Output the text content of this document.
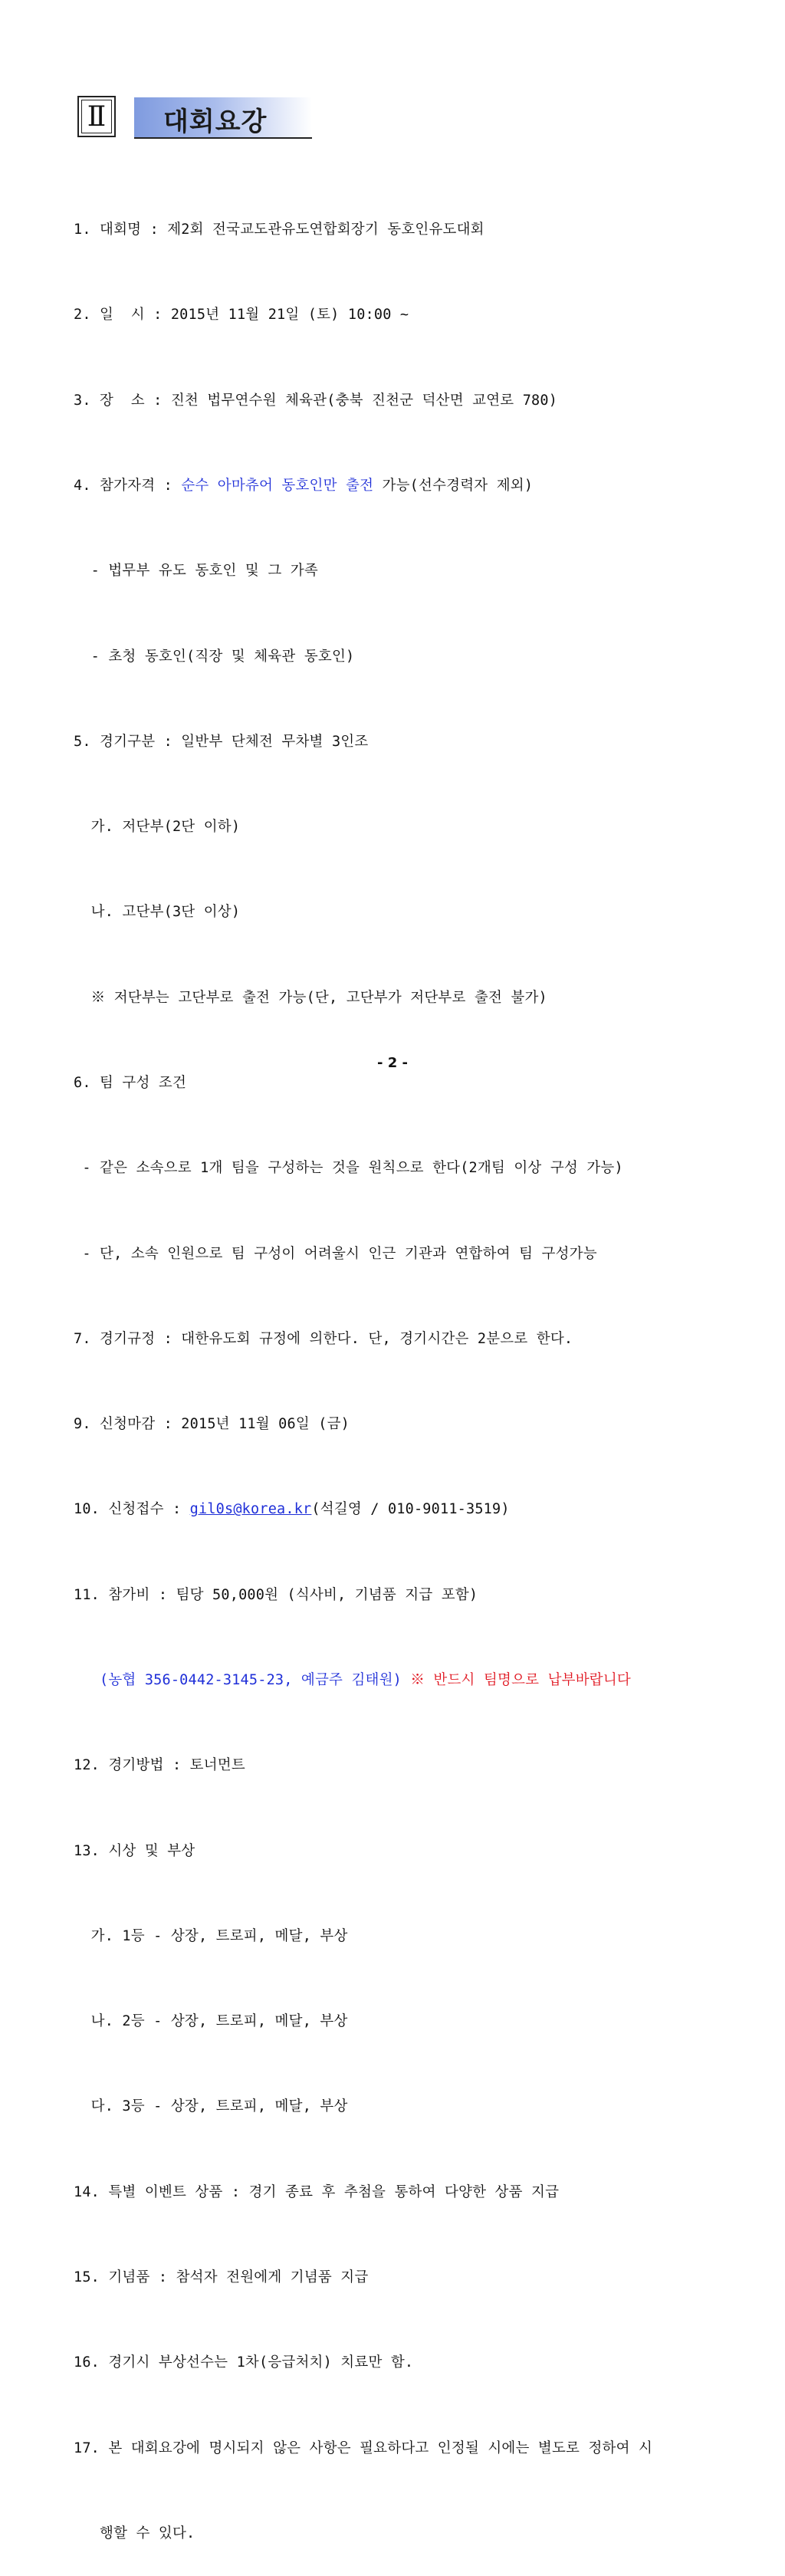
Ⅱ 대회요강

1. 대회명 : 제2회 전국교도관유도연합회장기 동호인유도대회

2. 일  시 : 2015년 11월 21일 (토) 10:00 ~

3. 장  소 : 진천 법무연수원 체육관(충북 진천군 덕산면 교연로 780)

4. 참가자격 : 순수 아마츄어 동호인만 출전 가능(선수경력자 제외)

- 법무부 유도 동호인 및 그 가족

- 초청 동호인(직장 및 체육관 동호인)

5. 경기구분 : 일반부 단체전 무차별 3인조

가. 저단부(2단 이하)

나. 고단부(3단 이상)

※ 저단부는 고단부로 출전 가능(단, 고단부가 저단부로 출전 불가)

6. 팀 구성 조건

- 같은 소속으로 1개 팀을 구성하는 것을 원칙으로 한다(2개팀 이상 구성 가능)

- 단, 소속 인원으로 팀 구성이 어려울시 인근 기관과 연합하여 팀 구성가능

7. 경기규정 : 대한유도회 규정에 의한다. 단, 경기시간은 2분으로 한다.

9. 신청마감 : 2015년 11월 06일 (금)

10. 신청접수 : gil0s@korea.kr(석길영 / 010-9011-3519)

11. 참가비 : 팀당 50,000원 (식사비, 기념품 지급 포함)

(농협 356-0442-3145-23, 예금주 김태원) ※ 반드시 팀명으로 납부바랍니다

12. 경기방법 : 토너먼트

13. 시상 및 부상

가. 1등 - 상장, 트로피, 메달, 부상

나. 2등 - 상장, 트로피, 메달, 부상

다. 3등 - 상장, 트로피, 메달, 부상

14. 특별 이벤트 상품 : 경기 종료 후 추첨을 통하여 다양한 상품 지급

15. 기념품 : 참석자 전원에게 기념품 지급

16. 경기시 부상선수는 1차(응급처치) 치료만 함.

17. 본 대회요강에 명시되지 않은 사항은 필요하다고 인정될 시에는 별도로 정하여 시

행할 수 있다.

- 2 -
